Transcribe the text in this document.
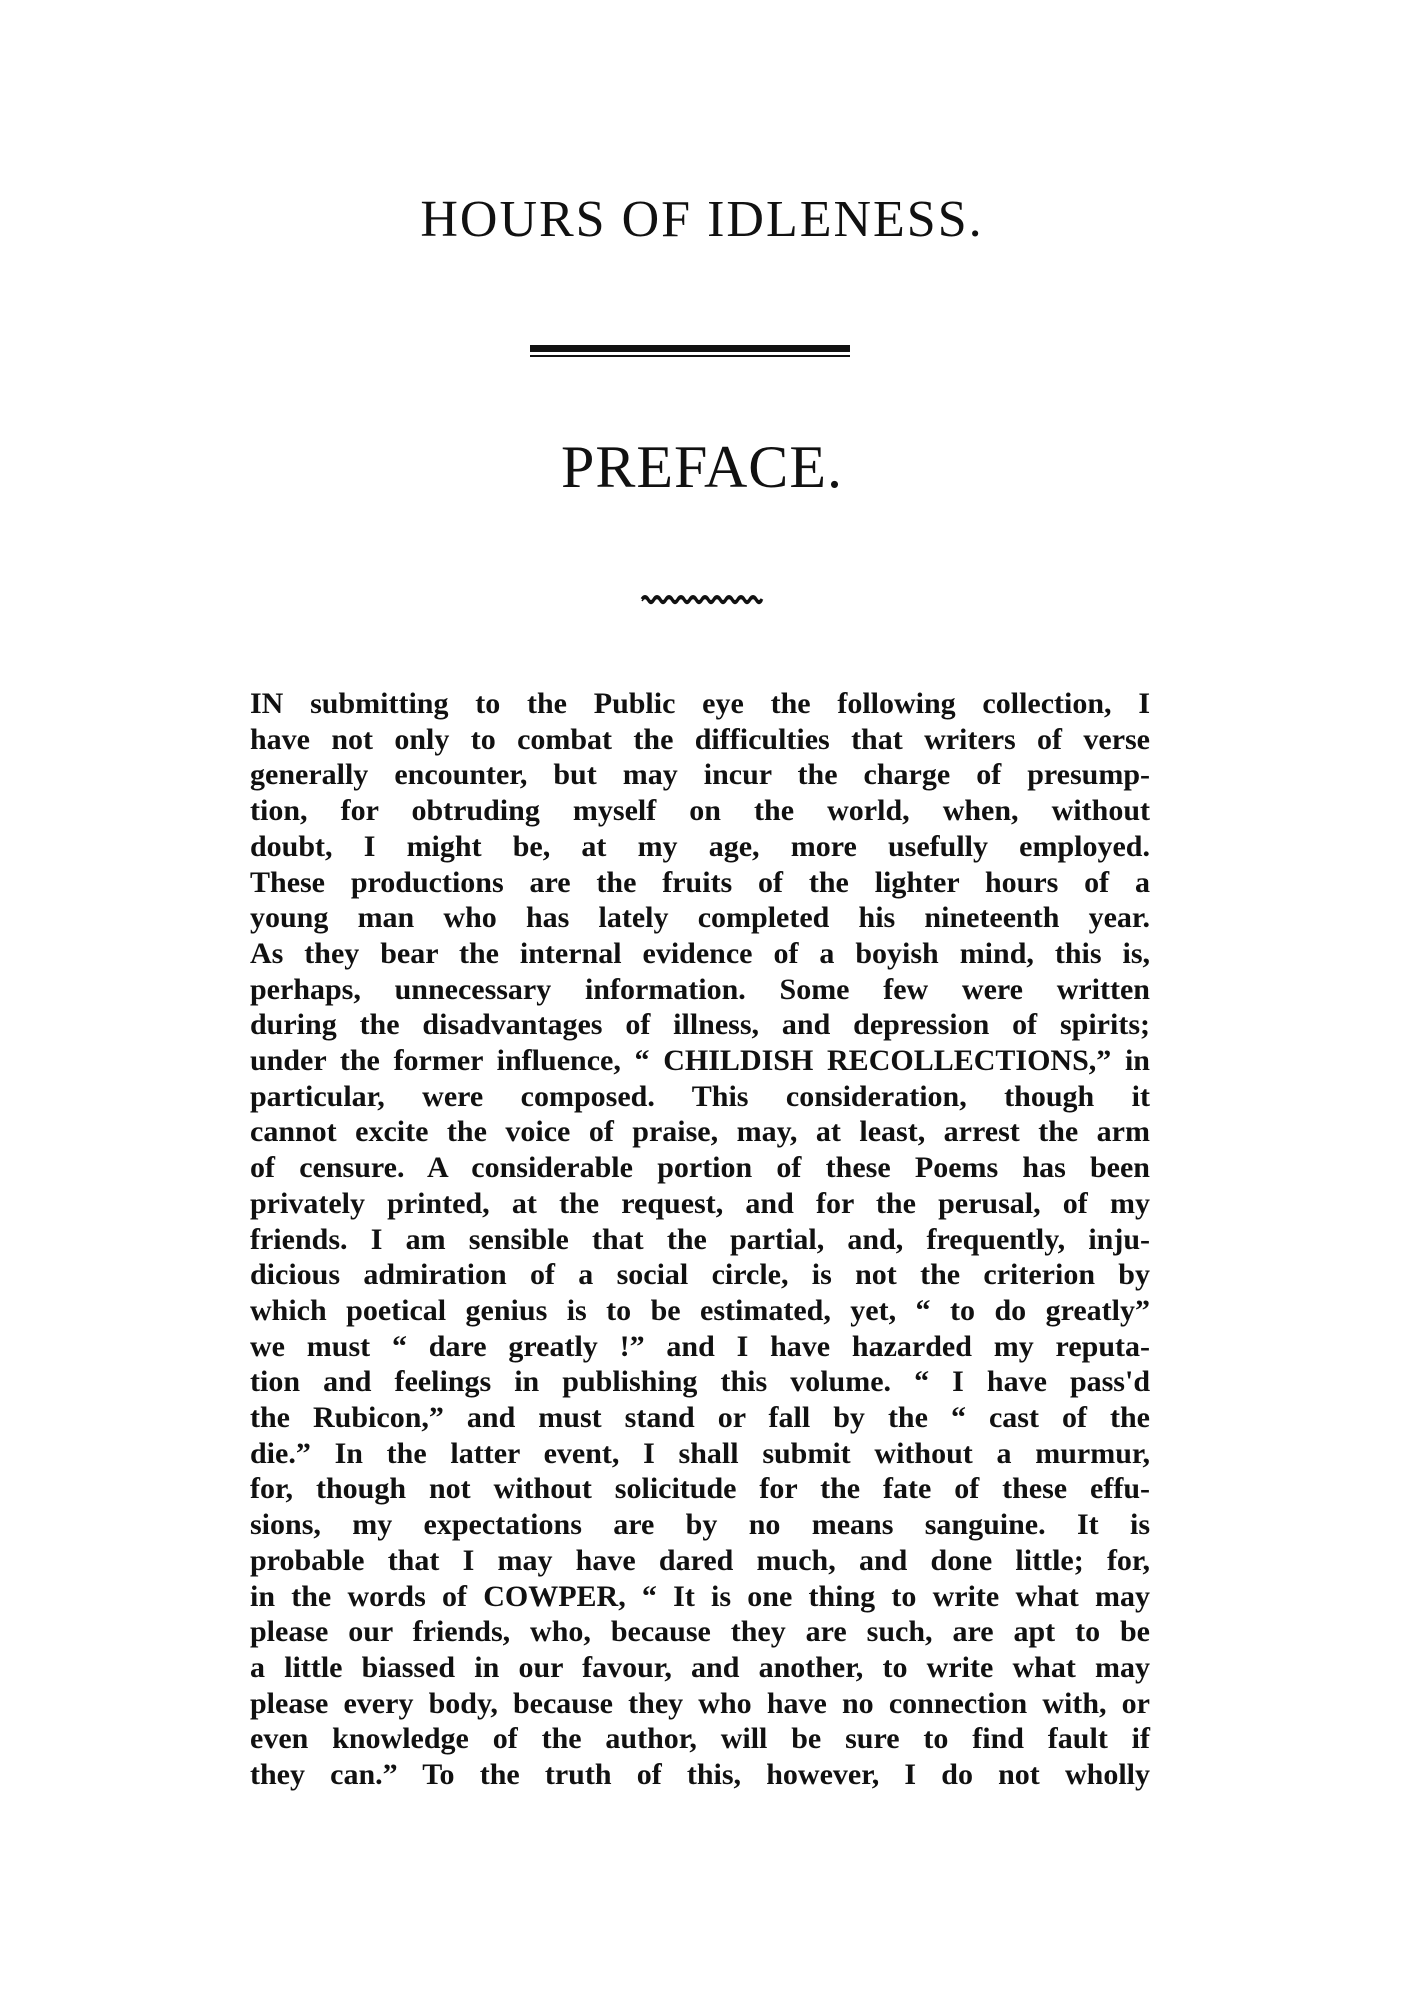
HOURS OF IDLENESS.
PREFACE.
IN submitting to the Public eye the following collection, I
have not only to combat the difficulties that writers of verse
generally encounter, but may incur the charge of presump-
tion, for obtruding myself on the world, when, without
doubt, I might be, at my age, more usefully employed.
These productions are the fruits of the lighter hours of a
young man who has lately completed his nineteenth year.
As they bear the internal evidence of a boyish mind, this is,
perhaps, unnecessary information. Some few were written
during the disadvantages of illness, and depression of spirits;
under the former influence, “ CHILDISH RECOLLECTIONS,” in
particular, were composed. This consideration, though it
cannot excite the voice of praise, may, at least, arrest the arm
of censure. A considerable portion of these Poems has been
privately printed, at the request, and for the perusal, of my
friends. I am sensible that the partial, and, frequently, inju-
dicious admiration of a social circle, is not the criterion by
which poetical genius is to be estimated, yet, “ to do greatly”
we must “ dare greatly !” and I have hazarded my reputa-
tion and feelings in publishing this volume. “ I have pass'd
the Rubicon,” and must stand or fall by the “ cast of the
die.” In the latter event, I shall submit without a murmur,
for, though not without solicitude for the fate of these effu-
sions, my expectations are by no means sanguine. It is
probable that I may have dared much, and done little; for,
in the words of COWPER, “ It is one thing to write what may
please our friends, who, because they are such, are apt to be
a little biassed in our favour, and another, to write what may
please every body, because they who have no connection with, or
even knowledge of the author, will be sure to find fault if
they can.” To the truth of this, however, I do not wholly
